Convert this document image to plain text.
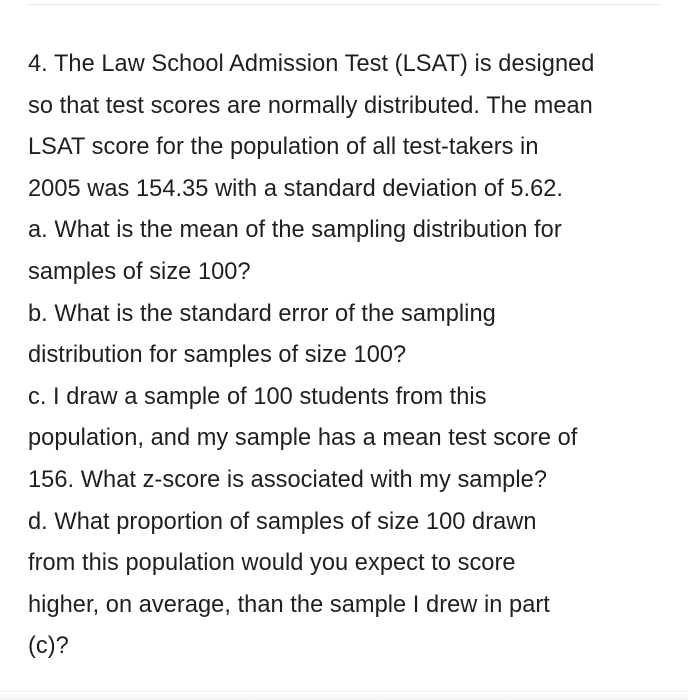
4. The Law School Admission Test (LSAT) is designed
so that test scores are normally distributed. The mean
LSAT score for the population of all test-takers in
2005 was 154.35 with a standard deviation of 5.62.
a. What is the mean of the sampling distribution for
samples of size 100?
b. What is the standard error of the sampling
distribution for samples of size 100?
c. I draw a sample of 100 students from this
population, and my sample has a mean test score of
156. What z-score is associated with my sample?
d. What proportion of samples of size 100 drawn
from this population would you expect to score
higher, on average, than the sample I drew in part
(c)?
